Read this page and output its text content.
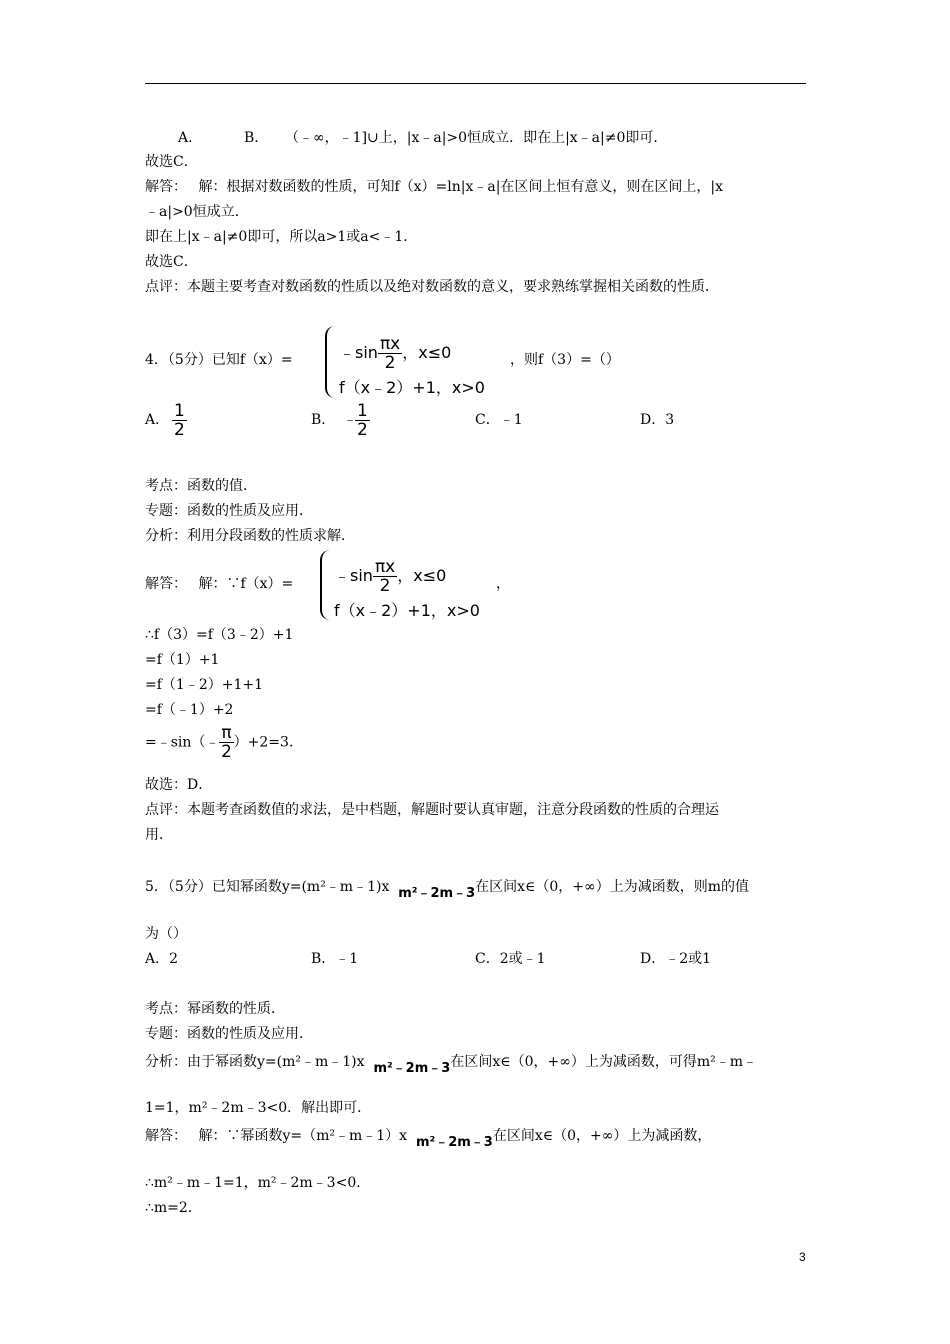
A.	B. （﹣∞，﹣1]∪上，|x﹣a|>0恒成立．即在上|x﹣a|≠0即可．
故选C．
解答：　 解：根据对数函数的性质，可知f（x）=ln|x﹣a|在区间上恒有意义，则在区间上，|x
﹣a|>0恒成立．
即在上|x﹣a|≠0即可，所以a>1或a<﹣1．
故选C．
点评：本题主要考查对数函数的性质以及绝对数函数的意义，要求熟练掌握相关函数的性质．
4．（5分）已知f（x）=	﹣sin $\frac{\pi x}{2}$ ，x≤0
f（x﹣2）+1，x>0
，则f（3）=（）
A． $\frac{1}{2}$	B． ﹣
$\frac{1}{2}$	C．﹣1	D．3
考点：函数的值．
专题：函数的性质及应用．
分析：利用分段函数的性质求解．
解答：　 解：∵f（x）=	﹣sin $\frac{\pi x}{2}$ ，x≤0
f（x﹣2）+1，x>0
，
∴f（3）=f（3﹣2）+1
=f（1）+1
=f（1﹣2）+1+1
=f（﹣1）+2
=﹣sin（﹣ $\frac{\pi}{2} )+2=3$．
故选：D．
点评：本题考查函数值的求法，是中档题，解题时要认真审题，注意分段函数的性质的合理运
用．
5．（5分）已知幂函数y=(m²﹣m﹣1)x m²﹣2m﹣3在区间x∈（0，+∞）上为减函数，则m的值
为（）
A．2	B．﹣1	C．2或﹣1	D．﹣2或1
考点：幂函数的性质．
专题：函数的性质及应用．
分析：由于幂函数y=(m²﹣m﹣1)x m²﹣2m﹣3在区间x∈（0，+∞）上为减函数，可得m²﹣m﹣
1=1，m²﹣2m﹣3<0．解出即可．
解答：　 解：∵幂函数y=（m²﹣m﹣1）x m²﹣2m﹣3在区间x∈（0，+∞）上为减函数，
∴m²﹣m﹣1=1，m²﹣2m﹣3<0．
∴m=2．
3
